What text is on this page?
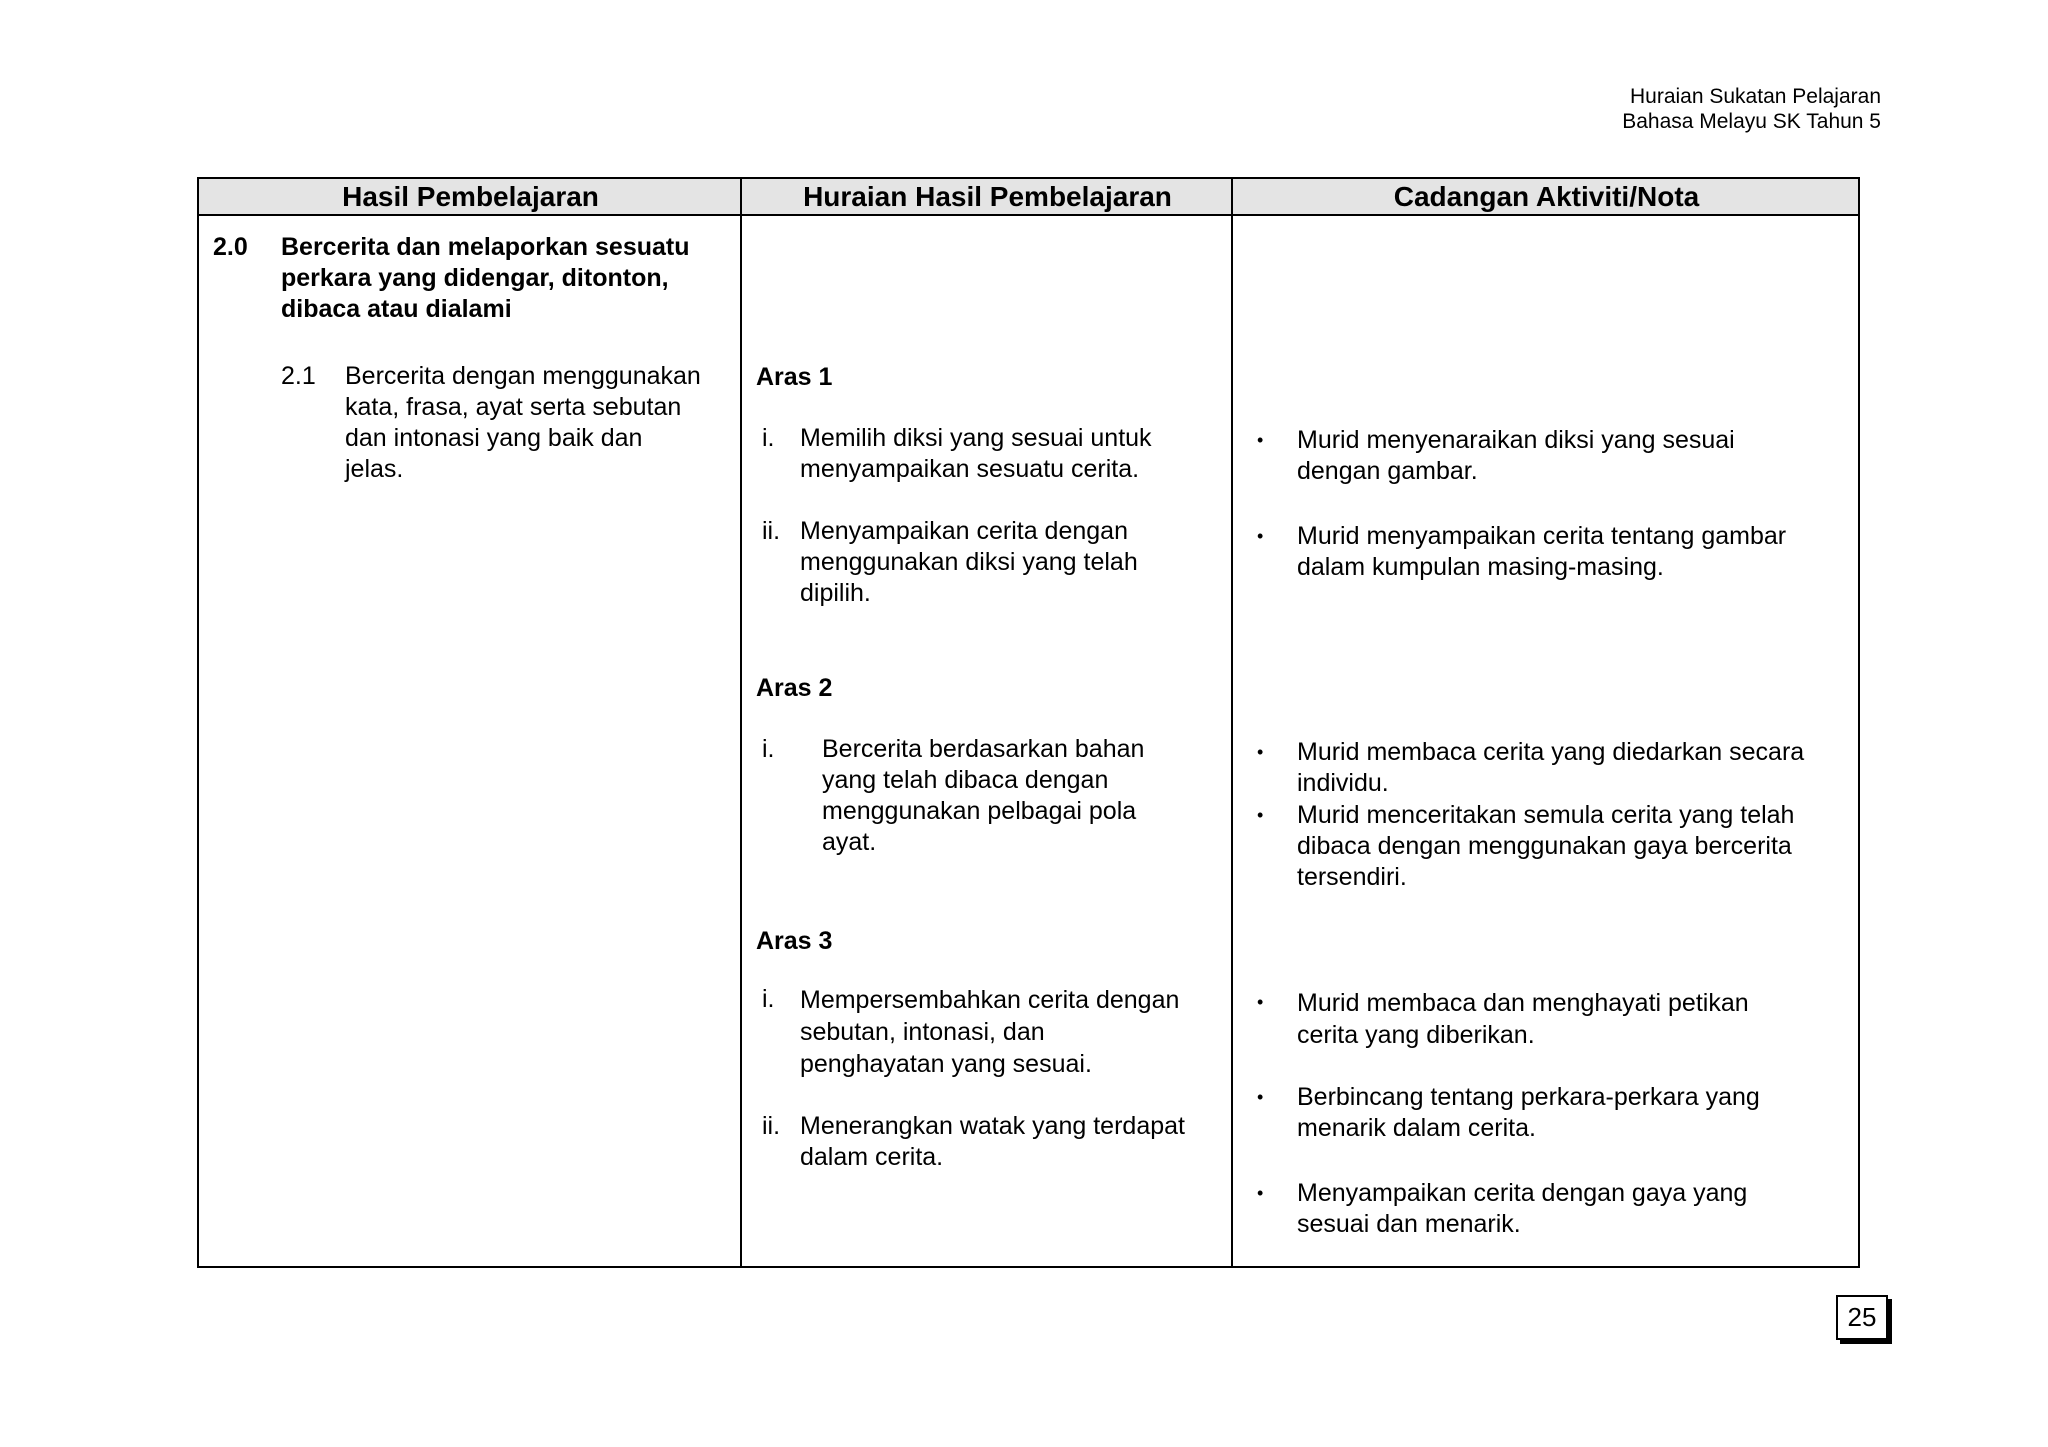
Huraian Sukatan Pelajaran
Bahasa Melayu SK Tahun 5
Hasil Pembelajaran	Huraian Hasil Pembelajaran	Cadangan Aktiviti/Nota
2.0 Bercerita dan melaporkan sesuatu
perkara yang didengar, ditonton,
dibaca atau dialami
2.1 Bercerita dengan menggunakan
kata, frasa, ayat serta sebutan
dan intonasi yang baik dan
jelas.
Aras 1
i. Memilih diksi yang sesuai untuk
menyampaikan sesuatu cerita.
ii. Menyampaikan cerita dengan
menggunakan diksi yang telah
dipilih.
Aras 2
i. Bercerita berdasarkan bahan
yang telah dibaca dengan
menggunakan pelbagai pola
ayat.
Aras 3
i. Mempersembahkan cerita dengan
sebutan, intonasi, dan
penghayatan yang sesuai.
ii. Menerangkan watak yang terdapat
dalam cerita.
• Murid menyenaraikan diksi yang sesuai
dengan gambar.
• Murid menyampaikan cerita tentang gambar
dalam kumpulan masing-masing.
• Murid membaca cerita yang diedarkan secara
individu.
• Murid menceritakan semula cerita yang telah
dibaca dengan menggunakan gaya bercerita
tersendiri.
• Murid membaca dan menghayati petikan
cerita yang diberikan.
• Berbincang tentang perkara-perkara yang
menarik dalam cerita.
• Menyampaikan cerita dengan gaya yang
sesuai dan menarik.
25
